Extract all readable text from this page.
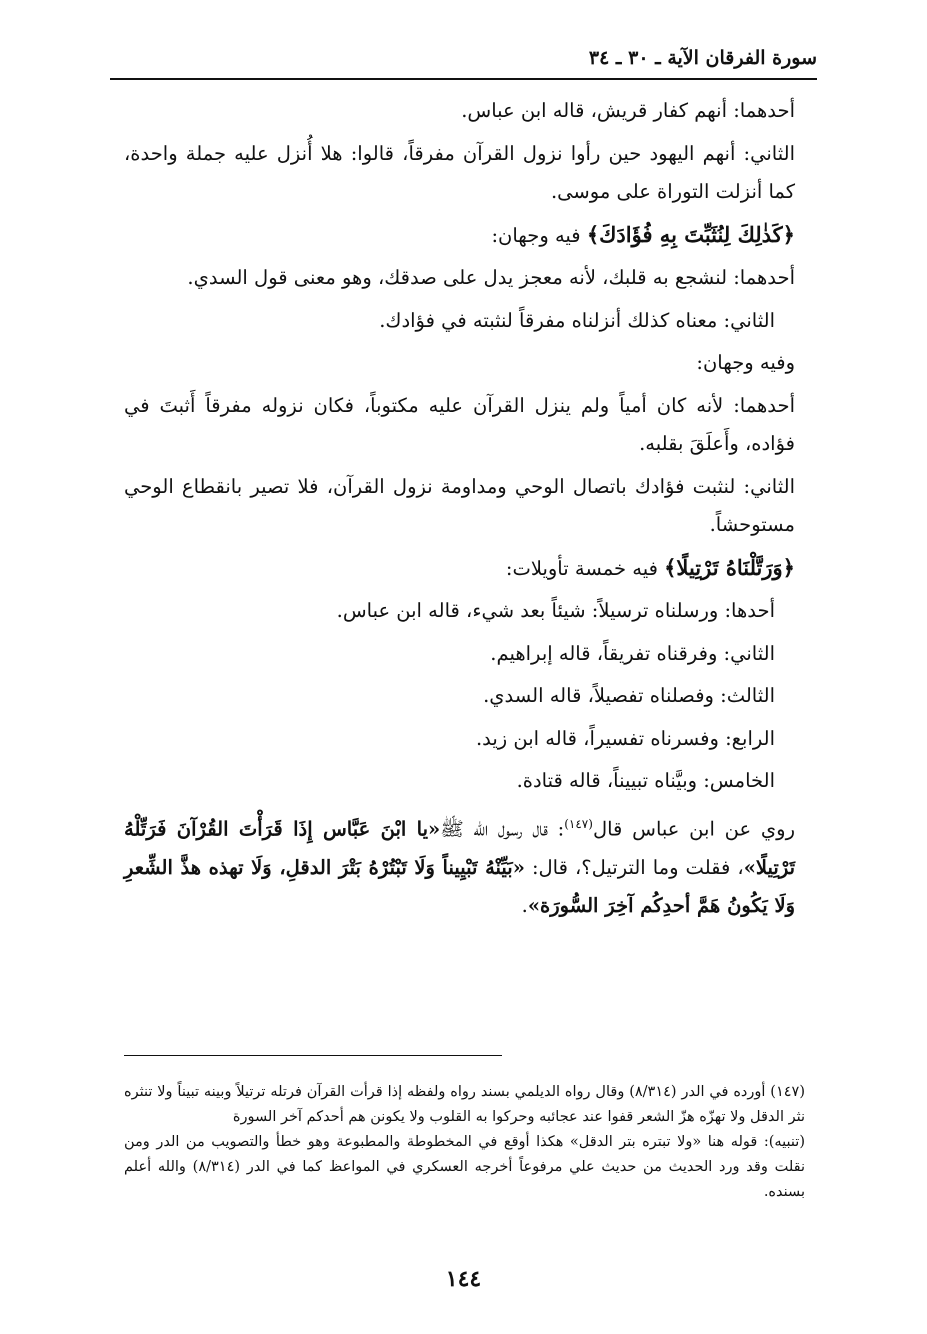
سورة الفرقان الآية ـ ٣٠ ـ ٣٤

أحدهما: أنهم كفار قريش، قاله ابن عباس.

الثاني: أنهم اليهود حين رأوا نزول القرآن مفرقاً، قالوا: هلا أُنزل عليه جملة واحدة، كما أنزلت التوراة على موسى.

﴿كَذٰلِكَ لِنُثَبِّتَ بِهِ فُؤَادَكَ﴾ فيه وجهان:

أحدهما: لنشجع به قلبك، لأنه معجز يدل على صدقك، وهو معنى قول السدي.

الثاني: معناه كذلك أنزلناه مفرقاً لنثبته في فؤادك.

وفيه وجهان:

أحدهما: لأنه كان أمياً ولم ينزل القرآن عليه مكتوباً، فكان نزوله مفرقاً أَثبتَ في فؤاده، وأَعلَقَ بقلبه.

الثاني: لنثبت فؤادك باتصال الوحي ومداومة نزول القرآن، فلا تصير بانقطاع الوحي مستوحشاً.

﴿وَرَتَّلْنَاهُ تَرْتِيلًا﴾ فيه خمسة تأويلات:

أحدها: ورسلناه ترسيلاً: شيئاً بعد شيء، قاله ابن عباس.

الثاني: وفرقناه تفريقاً، قاله إبراهيم.

الثالث: وفصلناه تفصيلاً، قاله السدي.

الرابع: وفسرناه تفسيراً، قاله ابن زيد.

الخامس: وبيَّناه تبييناً، قاله قتادة.

روي عن ابن عباس قال$^{(١٤٧)}$: قال رسول الله ﷺ«يا ابْنَ عَبَّاس إِذَا قَرَأْتَ القُرْآنَ فَرَتِّلْهُ تَرْتِيلًا»، فقلت وما الترتيل؟، قال: «بَيِّنْهُ تَبْيِيناً وَلَا تَبْتُرْهُ بَتْرَ الدقلِ، وَلَا تهذه هذَّ الشِّعرِ وَلَا يَكُونُ هَمَّ أحدِكُم آخِرَ السُّورَة».

(١٤٧) أورده في الدر (٨/٣١٤) وقال رواه الديلمي بسند رواه ولفظه إذا قرأت القرآن فرتله ترتيلاً وبينه تبيناً ولا تنثره نثر الدقل ولا تهزّه هزّ الشعر قفوا عند عجائبه وحركوا به القلوب ولا يكونن هم أحدكم آخر السورة

(تنبيه): قوله هنا «ولا تبتره بتر الدقل» هكذا أوقع في المخطوطة والمطبوعة وهو خطأ والتصويب من الدر ومن نقلت وقد ورد الحديث من حديث علي مرفوعاً أخرجه العسكري في المواعظ كما في الدر (٨/٣١٤) والله أعلم بسنده.

١٤٤
